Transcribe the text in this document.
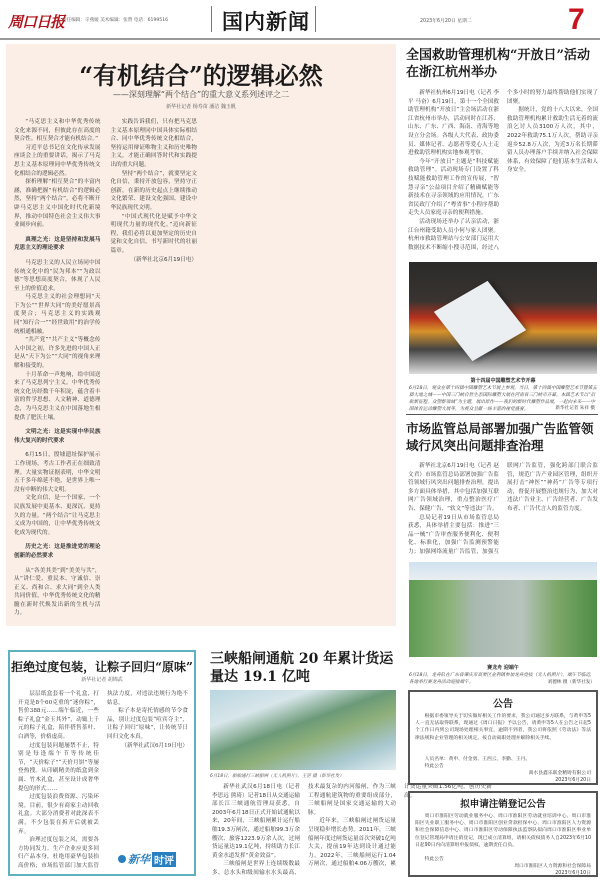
周口日报
责任编辑：辛燕媛 美术编辑：张赞 电话：6199516	国内新闻	2023年6月20日 星期二	7
“有机结合”的逻辑必然
——深刻理解“两个结合”的重大意义系列述评之二
新华社记者 杨寿苗 潘洁 魏玉帆

“马克思主义和中华优秀传统文化来源不同，但彼此存在高度的契合性。相互契合才能有机结合。”

习近平总书记在文化传承发展座谈会上的重要讲话，揭示了马克思主义基本原理同中华优秀传统文化相结合的逻辑必然。

探析理解“相互契合”的丰富内涵，准确把握“有机结合”的逻辑必然，坚持“两个结合”，必将不断开辟马克思主义中国化时代化新境界，推动中国特色社会主义伟大事业阔步向前。

真理之光：这是坚持和发展马克思主义的理论要求

马克思主义的人民立场同中国传统文化中的“民为邦本”“为政以德”等思想高度契合，体现了人民至上的价值追求。

马克思主义的社会理想同“天下为公”“世界大同”的美好愿景高度契合；马克思主义的实践观同“知行合一”“经世致用”的治学传统相通相融。

“共产党”“共产主义”等概念传入中国之初，许多先进的中国人正是从“天下为公”“大同”的视角来理解和接受的。

十月革命一声炮响，给中国送来了马克思列宁主义。中华优秀传统文化历经数千年积淀，蕴含着丰富的哲学思想、人文精神、道德理念，为马克思主义在中国落地生根提供了肥沃土壤。

文明之光：这是实现中华民族伟大复兴的时代要求

6月15日，殷墟遗址保护展示工作现场，考古工作者正在细致清理。大量实物证据表明，中华文明五千多年绵延不绝，是世界上唯一没有中断的伟大文明。

文化自信，是一个国家、一个民族发展中更基本、更深沉、更持久的力量。“两个结合”让马克思主义成为中国的，让中华优秀传统文化成为现代的。

历史之光：这是推进党的理论创新的必然要求

从“各美其美”到“美美与共”，从“讲仁爱、重民本、守诚信、崇正义、尚和合、求大同”到全人类共同价值，中华优秀传统文化的精髓在新时代焕发出新的生机与活力。

实践告诉我们，只有把马克思主义基本原理同中国具体实际相结合、同中华优秀传统文化相结合，坚持运用辩证唯物主义和历史唯物主义，才能正确回答时代和实践提出的重大问题。

坚持“两个结合”，就要坚定文化自信，秉持开放包容，坚持守正创新，在新的历史起点上继续推动文化繁荣、建设文化强国、建设中华民族现代文明。

“中国式现代化是赋予中华文明现代力量的现代化。”迈向新征程，我们必将以更加坚定的历史自觉和文化自信，书写新时代的壮丽篇章。

（新华社北京6月19日电）

拒绝过度包装，让粽子回归“原味”
新华社记者 胡锦武

层层纸盒套着一个礼盒，打开竟是8个60克重的“迷你粽”，售价388元……端午临近，一些粽子礼盒“金玉其外”，动辄上千元的粽子礼盒，陪伴搭售茶叶、白酒等，价格虚高。

过度包装问题屡禁不止，特别是每逢端午节等传统佳节，“天价粽子”“天价月饼”等屡登热搜。从印刷精美的纸盒到金属、竹木礼盒，甚至设计成奢华提包的形式……

过度包装浪费资源、污染环境。目前，很少有商家主动回收礼盒。大部分消费者对此深表不满，不少包装在拆开后就被丢弃。

治理过度包装之风，需要各方协同发力。生产企业应更多回归产品本身，杜绝用豪华包装抬高价格；市场监管部门加大监管执法力度，对违法违规行为绝不姑息。

粽子本是寄托情感的节令食品，别让过度包装“喧宾夺主”，让粽子回归“原味”，让传统节日回归文化本真。

（新华社武汉6月19日电）

新华 时评
三峡船闸通航 20 年累计货运量达 19.1 亿吨
6月18日，船舶通行三峡船闸（无人机照片）。王罡 摄（新华社发）

新华社武汉6月18日电（记者 李思远 熊琦）记者18日从交通运输部长江三峡通航管理局获悉，自2003年6月18日正式开始试通航以来，20年间，三峡船闸累计运行船舶19.3万闸次，通过船舶99.3万余艘次、旅客1223.9万余人次，过闸货运量达19.1亿吨，持续助力长江黄金水道发挥“黄金效益”。

三峡船闸是世界上连续级数最多、总水头和级间输水水头最高、技术最复杂的内河船闸，作为三峡工程通航建筑物的重要组成部分，三峡船闸是国家交通运输的大动脉。

近年来，三峡船闸过闸货运量呈现稳步增长态势。2011年，三峡船闸年度过闸货运量首次突破1亿吨大关，提前19年达到设计通过能力。2022年，三峡船闸运行1.04万闸次，通过船舶4.06万艘次，累计货运量突破1.56亿吨，创历史新高。

全国救助管理机构“开放日”活动在浙江杭州举办

新华社杭州6月19日电（记者 李平 马奋）6月19日，第十一个全国救助管理机构“开放日”主会场活动在浙江省杭州市举办，活动同时在江苏、山东、广东、广西、海南、青海等地设立分会场。各级人大代表、政协委员、媒体记者、志愿者等爱心人士走进救助管理机构实地参观考察。

今年“开放日”主题是“科技赋能救助管理”。活动现场专门设置了科技赋能救助管理工作的宣传展，“智慧寻亲”公益项目介绍了精确赋能等新技术在寻亲领域的应用情况，广东省民政厅介绍了“粤省事”小程序帮助走失人员家庭寻亲的便利措施。

活动现场还举办了认亲活动，浙江台州籍受助人员小何与家人团聚。杭州市救助管理站与公安部门运用大数据技术不断缩小搜寻范围，经过八个多小时的努力最终帮助他们实现了团聚。

据统计，党的十八大以来，全国救助管理机构累计救助生活无着的流浪乞讨人员3100万人次，其中，2022年救助75.1万人次，帮助寻亲返乡52.8万人次，为近3万名长期滞留人员办理落户手续并纳入社会保障体系，有效保障了他们基本生活和人身安全。

第十四届中国雕塑艺术节开幕
6月18日，观众在第十四届中国雕塑艺术节展上参观。当日，第十四届中国雕塑艺术节暨第五届大地之城——中国三门峡自然生态国际雕塑大展在河南省三门峡市开幕。本届艺术节以“启航新征程，众塑新领域”为主题，展出原作——我们的新时代雕塑作品展，一起向未来——中国体育运动雕塑大展等，为观众呈献一场丰富的视觉盛宴。	新华社记者 朱祥 摄
市场监管总局部署加强广告监管领域行风突出问题排查治理

新华社北京6月19日电（记者 赵文君）市场监管总局部署加强广告监管领域行风突出问题排查治理，提出多方面具体举措，其中包括加强互联网广告领域治理，重点整治医疗广告、保健广告、“软文”等违法广告。

总局记者19日从市场监管总局获悉，具体举措主要包括：推进“三品一械”广告审查服务便利化、便利化、标准化，加强广告监测预警能力；加强网络流量广告监管，加强互联网广告监管，强化跨部门联合监管，规范广告产业园区管理，组织开展打击“神医”“神药”广告等专项行动，督促开展整治违规行为，加大对违法广告业主、广告经营者、广告发布者、广告代言人的监管力度。

赛龙舟 迎端午
6月18日，龙舟队在广东省肇庆市高要区金利镇参加龙舟竞技（无人机照片）。端午节临近，各地举行赛龙舟活动迎接端午。	刘德林 摄（新华社发）
公告

根据市委领导关于切实做好相关工作的要求，我公司通过多方联系，与黄申等5人一直无法取得联系，现通过《周口日报》予以公告，请黄申等5人在公告之日起5个工作日内到公司现场处理相关事宜，逾期不到者，我公司将依照《劳动法》等法律法规和企业管理的相关规定，按自动离职处理并解除相关手续。

人员名单：黄申、付金勇、王西云、李勤、王丹。
特此公告
商水县鑫乐联金精铸有限公司
2023年6月20日
拟申请注销登记公告

周口市淮阳区劳动就业服务中心、周口市淮阳区劳动就业培训中心、周口市淮阳区失业职工服务中心、周口市淮阳区创业贷款担保中心、周口市淮阳区人力资源和社会保障信息中心、周口市淮阳区劳动保障执法监察队拟向周口市淮阳区事业单位登记管理局申请注销登记，现已成立清算组，请相关债权债务人自2023年6月10日起90日内向清算组申报债权，逾期责任自负。

特此公告
周口市淮阳区人力资源和社会保障局
2023年6月10日
